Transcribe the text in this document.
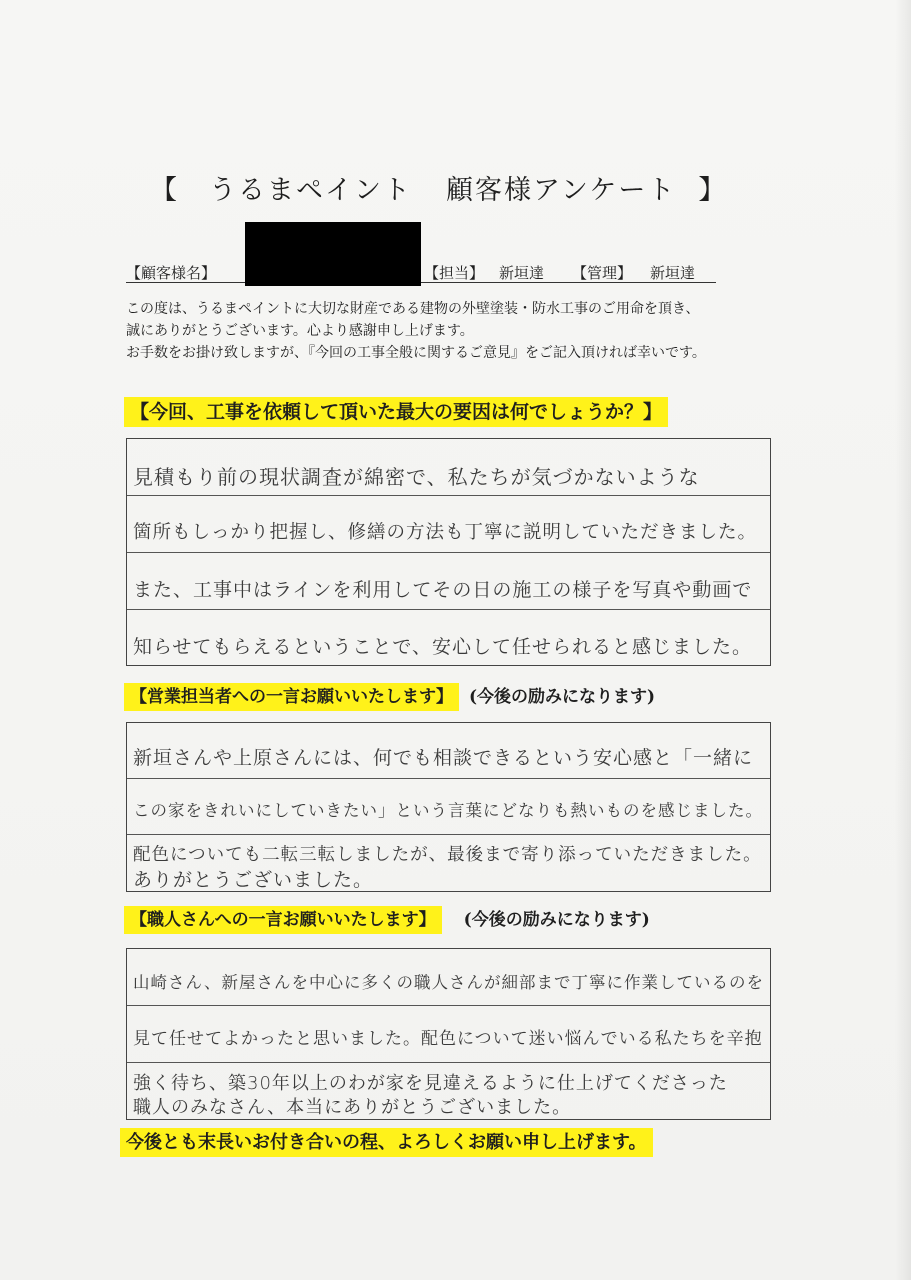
【 うるまペイント 顧客様アンケート 】
【顧客様名】	【担当】 新垣達 【管理】 新垣達
この度は、うるまペイントに大切な財産である建物の外壁塗装・防水工事のご用命を頂き、
誠にありがとうございます。心より感謝申し上げます。
お手数をお掛け致しますが、『今回の工事全般に関するご意見』をご記入頂ければ幸いです。
【今回、工事を依頼して頂いた最大の要因は何でしょうか？】
見積もり前の現状調査が綿密で、私たちが気づかないような
箇所もしっかり把握し、修繕の方法も丁寧に説明していただきました。
また、工事中はラインを利用してその日の施工の様子を写真や動画で
知らせてもらえるということで、安心して任せられると感じました。
【営業担当者への一言お願いいたします】 (今後の励みになります)
新垣さんや上原さんには、何でも相談できるという安心感と「一緒に
この家をきれいにしていきたい」という言葉にどなりも熱いものを感じました。
配色についても二転三転しましたが、最後まで寄り添っていただきました。
ありがとうございました。
【職人さんへの一言お願いいたします】 (今後の励みになります)
山崎さん、新屋さんを中心に多くの職人さんが細部まで丁寧に作業しているのを
見て任せてよかったと思いました。配色について迷い悩んでいる私たちを辛抱
強く待ち、築30年以上のわが家を見違えるように仕上げてくださった
職人のみなさん、本当にありがとうございました。
今後とも末長いお付き合いの程、よろしくお願い申し上げます。
